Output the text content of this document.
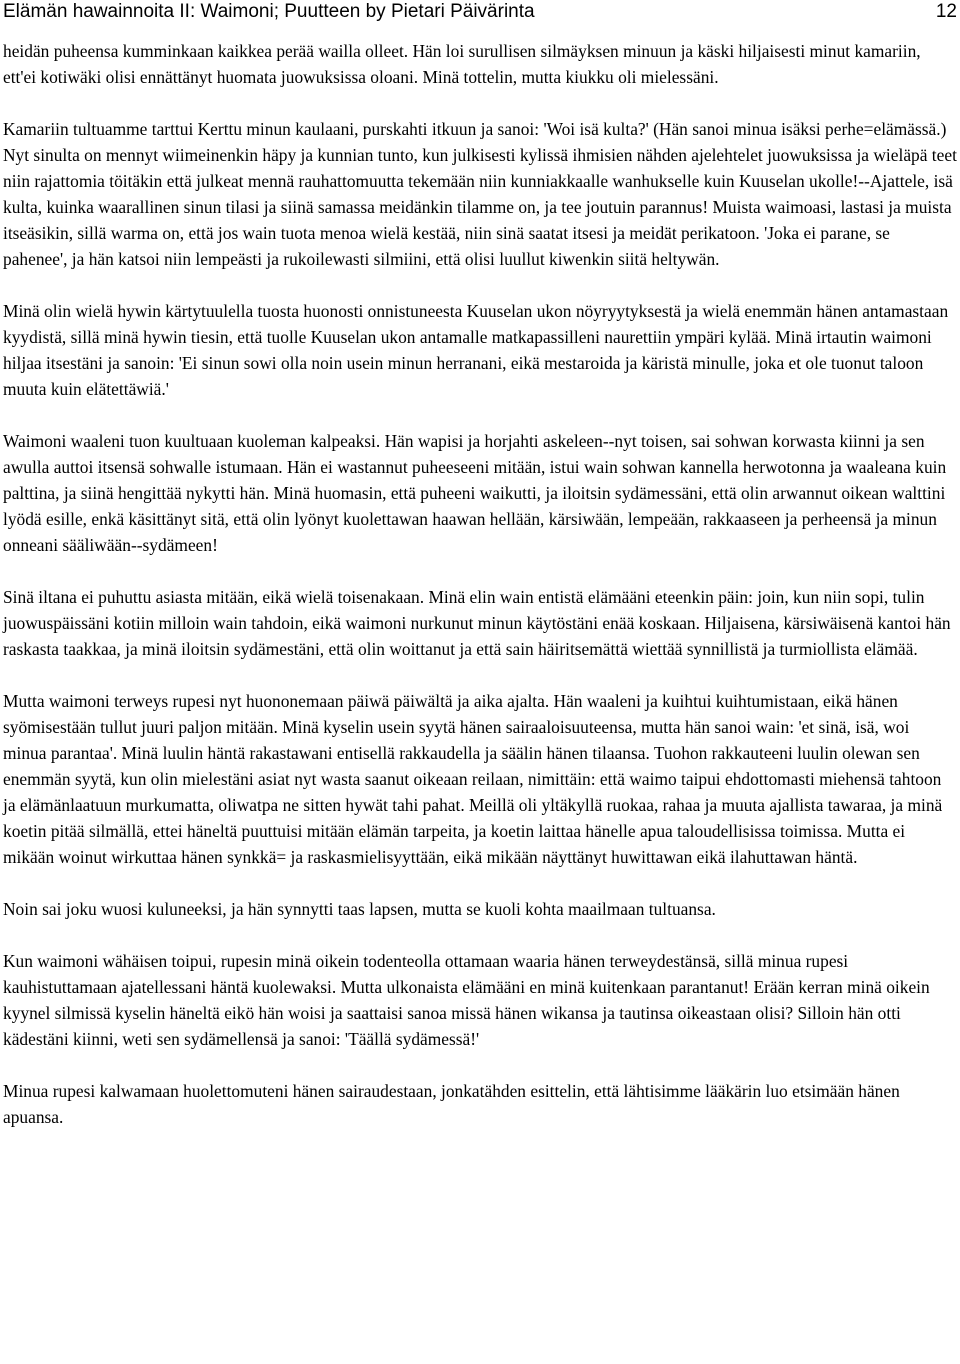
Elämän hawainnoita II: Waimoni; Puutteen by Pietari Päivärinta	12

heidän puheensa kumminkaan kaikkea perää wailla olleet. Hän loi surullisen silmäyksen minuun ja käski hiljaisesti minut kamariin, ett'ei kotiwäki olisi ennättänyt huomata juowuksissa oloani. Minä tottelin, mutta kiukku oli mielessäni.

Kamariin tultuamme tarttui Kerttu minun kaulaani, purskahti itkuun ja sanoi: 'Woi isä kulta?' (Hän sanoi minua isäksi perhe=elämässä.) Nyt sinulta on mennyt wiimeinenkin häpy ja kunnian tunto, kun julkisesti kylissä ihmisien nähden ajelehtelet juowuksissa ja wieläpä teet niin rajattomia töitäkin että julkeat mennä rauhattomuutta tekemään niin kunniakkaalle wanhukselle kuin Kuuselan ukolle!--Ajattele, isä kulta, kuinka waarallinen sinun tilasi ja siinä samassa meidänkin tilamme on, ja tee joutuin parannus! Muista waimoasi, lastasi ja muista itseäsikin, sillä warma on, että jos wain tuota menoa wielä kestää, niin sinä saatat itsesi ja meidät perikatoon. 'Joka ei parane, se pahenee', ja hän katsoi niin lempeästi ja rukoilewasti silmiini, että olisi luullut kiwenkin siitä heltywän.

Minä olin wielä hywin kärtytuulella tuosta huonosti onnistuneesta Kuuselan ukon nöyryytyksestä ja wielä enemmän hänen antamastaan kyydistä, sillä minä hywin tiesin, että tuolle Kuuselan ukon antamalle matkapassilleni naurettiin ympäri kylää. Minä irtautin waimoni hiljaa itsestäni ja sanoin: 'Ei sinun sowi olla noin usein minun herranani, eikä mestaroida ja käristä minulle, joka et ole tuonut taloon muuta kuin elätettäwiä.'

Waimoni waaleni tuon kuultuaan kuoleman kalpeaksi. Hän wapisi ja horjahti askeleen--nyt toisen, sai sohwan korwasta kiinni ja sen awulla auttoi itsensä sohwalle istumaan. Hän ei wastannut puheeseeni mitään, istui wain sohwan kannella herwotonna ja waaleana kuin palttina, ja siinä hengittää nykytti hän. Minä huomasin, että puheeni waikutti, ja iloitsin sydämessäni, että olin arwannut oikean walttini lyödä esille, enkä käsittänyt sitä, että olin lyönyt kuolettawan haawan hellään, kärsiwään, lempeään, rakkaaseen ja perheensä ja minun onneani sääliwään--sydämeen!

Sinä iltana ei puhuttu asiasta mitään, eikä wielä toisenakaan. Minä elin wain entistä elämääni eteenkin päin: join, kun niin sopi, tulin juowuspäissäni kotiin milloin wain tahdoin, eikä waimoni nurkunut minun käytöstäni enää koskaan. Hiljaisena, kärsiwäisenä kantoi hän raskasta taakkaa, ja minä iloitsin sydämestäni, että olin woittanut ja että sain häiritsemättä wiettää synnillistä ja turmiollista elämää.

Mutta waimoni terweys rupesi nyt huononemaan päiwä päiwältä ja aika ajalta. Hän waaleni ja kuihtui kuihtumistaan, eikä hänen syömisestään tullut juuri paljon mitään. Minä kyselin usein syytä hänen sairaaloisuuteensa, mutta hän sanoi wain: 'et sinä, isä, woi minua parantaa'. Minä luulin häntä rakastawani entisellä rakkaudella ja säälin hänen tilaansa. Tuohon rakkauteeni luulin olewan sen enemmän syytä, kun olin mielestäni asiat nyt wasta saanut oikeaan reilaan, nimittäin: että waimo taipui ehdottomasti miehensä tahtoon ja elämänlaatuun murkumatta, oliwatpa ne sitten hywät tahi pahat. Meillä oli yltäkyllä ruokaa, rahaa ja muuta ajallista tawaraa, ja minä koetin pitää silmällä, ettei häneltä puuttuisi mitään elämän tarpeita, ja koetin laittaa hänelle apua taloudellisissa toimissa. Mutta ei mikään woinut wirkuttaa hänen synkkä= ja raskasmielisyyttään, eikä mikään näyttänyt huwittawan eikä ilahuttawan häntä.

Noin sai joku wuosi kuluneeksi, ja hän synnytti taas lapsen, mutta se kuoli kohta maailmaan tultuansa.

Kun waimoni wähäisen toipui, rupesin minä oikein todenteolla ottamaan waaria hänen terweydestänsä, sillä minua rupesi kauhistuttamaan ajatellessani häntä kuolewaksi. Mutta ulkonaista elämääni en minä kuitenkaan parantanut! Erään kerran minä oikein kyynel silmissä kyselin häneltä eikö hän woisi ja saattaisi sanoa missä hänen wikansa ja tautinsa oikeastaan olisi? Silloin hän otti kädestäni kiinni, weti sen sydämellensä ja sanoi: 'Täällä sydämessä!'

Minua rupesi kalwamaan huolettomuteni hänen sairaudestaan, jonkatähden esittelin, että lähtisimme lääkärin luo etsimään hänen apuansa.
